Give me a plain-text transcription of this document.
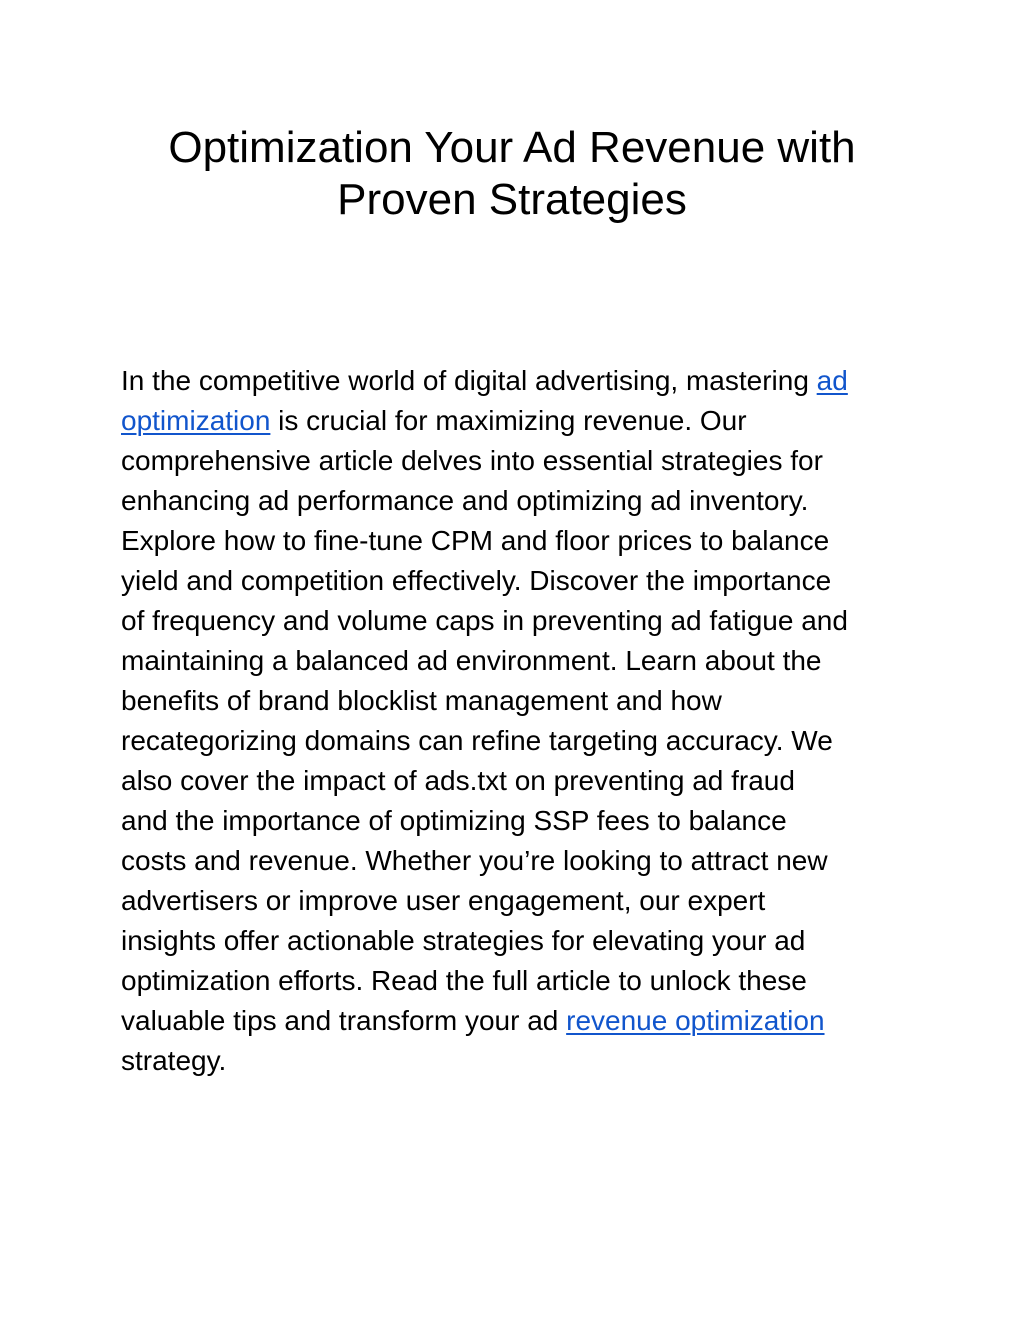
Optimization Your Ad Revenue with
Proven Strategies
In the competitive world of digital advertising, mastering ad
optimization is crucial for maximizing revenue. Our
comprehensive article delves into essential strategies for
enhancing ad performance and optimizing ad inventory.
Explore how to fine-tune CPM and floor prices to balance
yield and competition effectively. Discover the importance
of frequency and volume caps in preventing ad fatigue and
maintaining a balanced ad environment. Learn about the
benefits of brand blocklist management and how
recategorizing domains can refine targeting accuracy. We
also cover the impact of ads.txt on preventing ad fraud
and the importance of optimizing SSP fees to balance
costs and revenue. Whether you’re looking to attract new
advertisers or improve user engagement, our expert
insights offer actionable strategies for elevating your ad
optimization efforts. Read the full article to unlock these
valuable tips and transform your ad revenue optimization
strategy.
